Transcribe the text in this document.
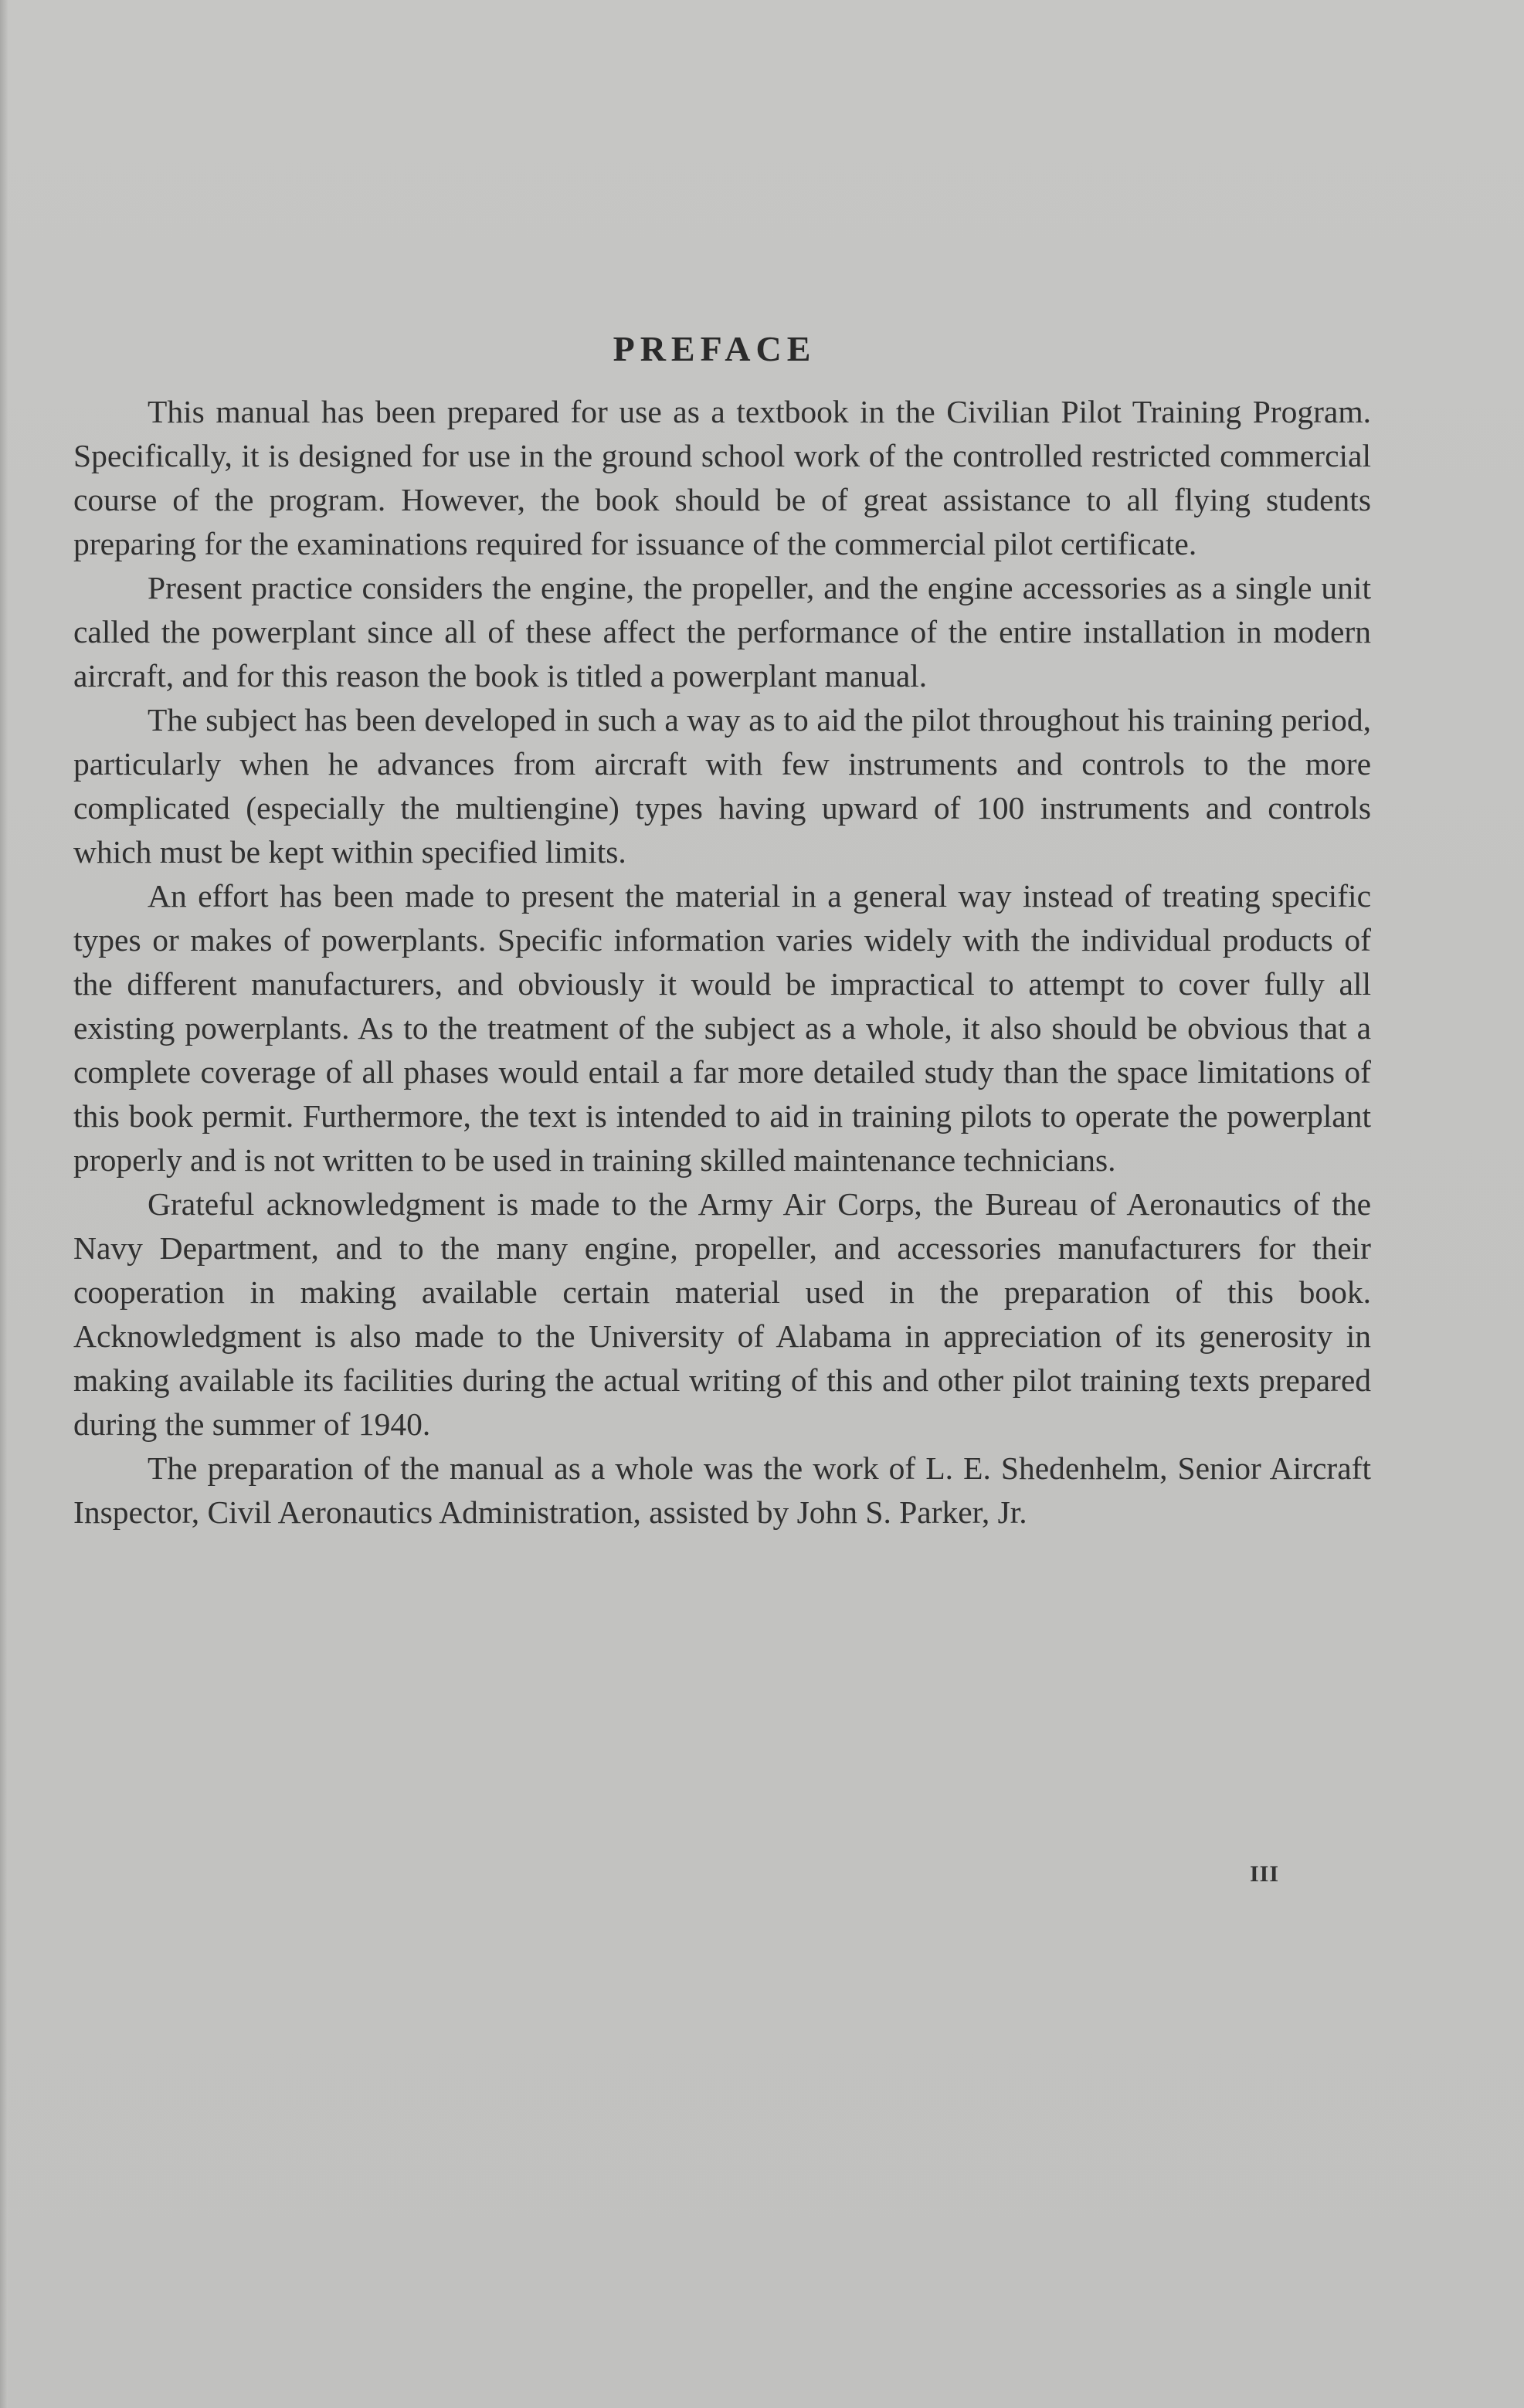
PREFACE

This manual has been prepared for use as a textbook in the Civilian Pilot Training Program. Specifically, it is designed for use in the ground school work of the controlled restricted commercial course of the program. However, the book should be of great assistance to all flying students preparing for the examinations required for issuance of the commercial pilot certificate.

Present practice considers the engine, the propeller, and the engine accessories as a single unit called the powerplant since all of these affect the performance of the entire installation in modern aircraft, and for this reason the book is titled a powerplant manual.

The subject has been developed in such a way as to aid the pilot throughout his training period, particularly when he advances from aircraft with few instruments and controls to the more complicated (especially the multiengine) types having upward of 100 instruments and controls which must be kept within specified limits.

An effort has been made to present the material in a general way instead of treating specific types or makes of powerplants. Specific information varies widely with the individual products of the different manufacturers, and obviously it would be impractical to attempt to cover fully all existing powerplants. As to the treatment of the subject as a whole, it also should be obvious that a complete coverage of all phases would entail a far more detailed study than the space limitations of this book permit. Furthermore, the text is intended to aid in training pilots to operate the powerplant properly and is not written to be used in training skilled maintenance technicians.

Grateful acknowledgment is made to the Army Air Corps, the Bureau of Aeronautics of the Navy Department, and to the many engine, propeller, and accessories manufacturers for their cooperation in making available certain material used in the preparation of this book. Acknowledgment is also made to the University of Alabama in appreciation of its generosity in making available its facilities during the actual writing of this and other pilot training texts prepared during the summer of 1940.

The preparation of the manual as a whole was the work of L. E. Shedenhelm, Senior Aircraft Inspector, Civil Aeronautics Administration, assisted by John S. Parker, Jr.

III
